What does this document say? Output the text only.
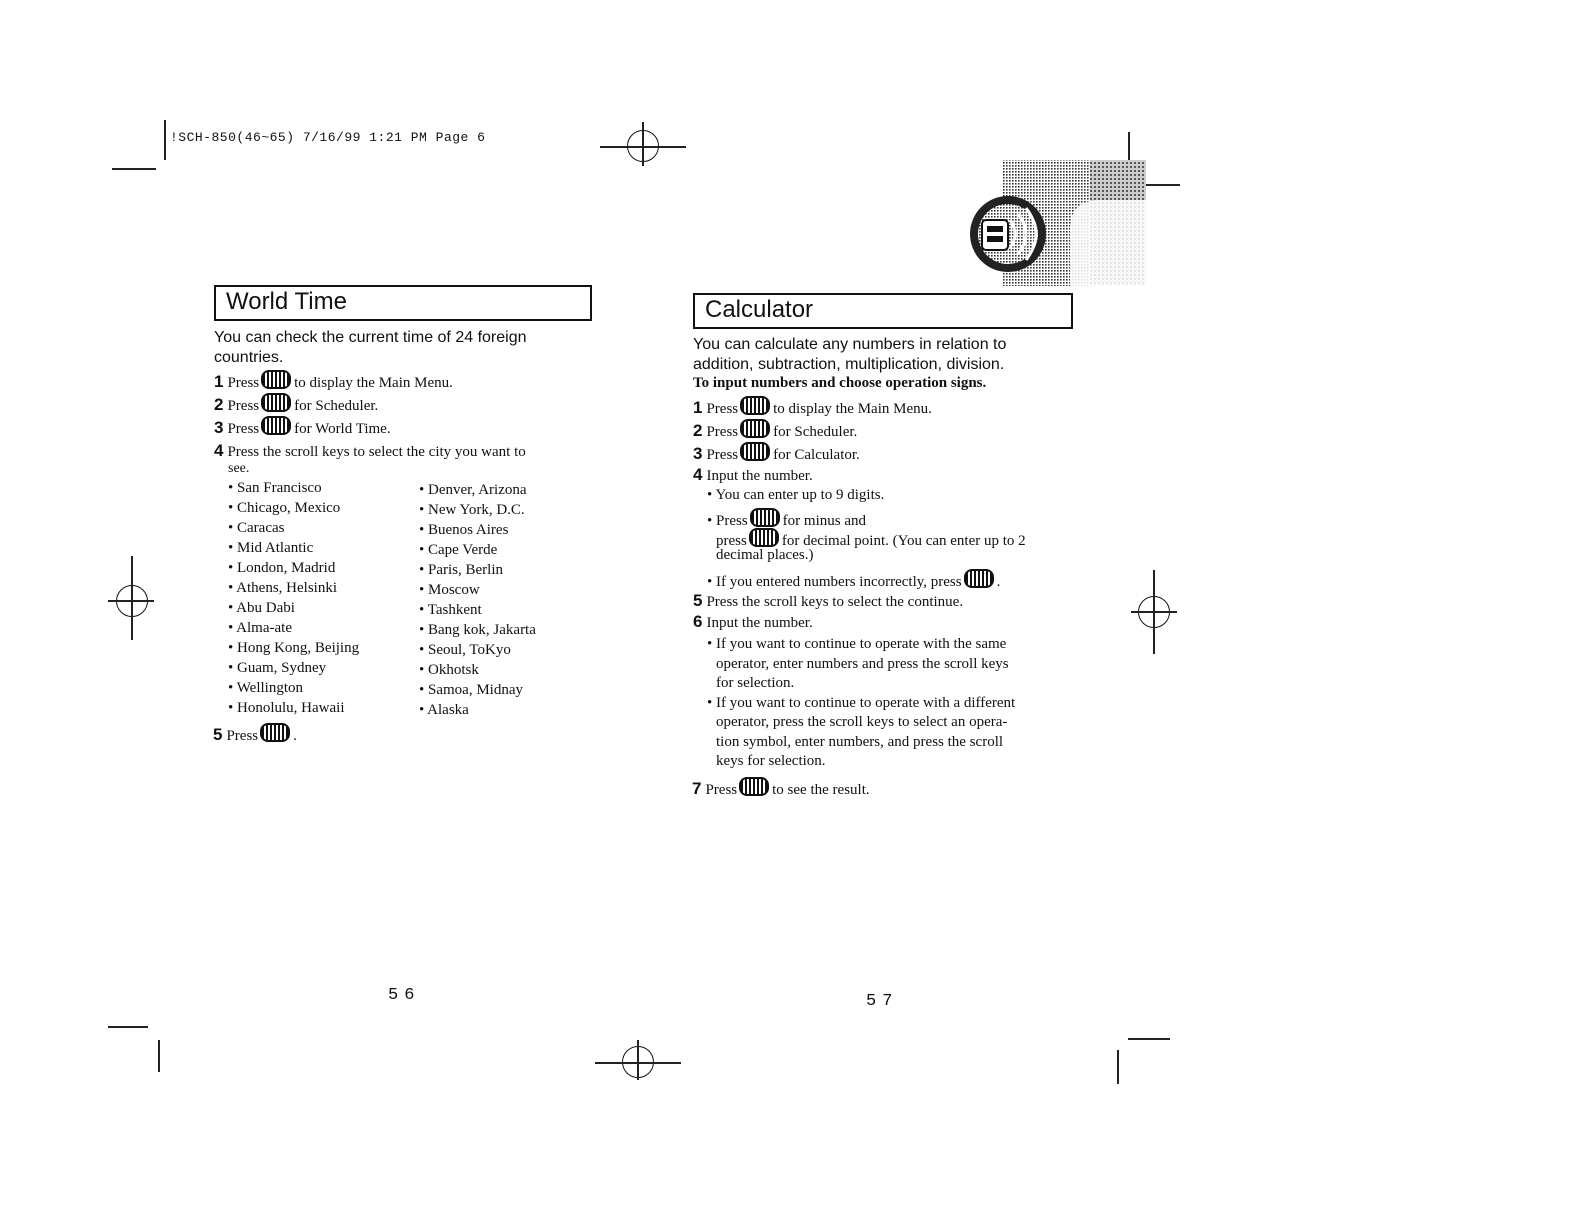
!SCH-850(46~65) 7/16/99 1:21 PM Page 6
World Time
You can check the current time of 24 foreign
countries.
1 Press to display the Main Menu.
2 Press for Scheduler.
3 Press for World Time.
4 Press the scroll keys to select the city you want to
see.
• San Francisco
• Chicago, Mexico
• Caracas
• Mid Atlantic
• London, Madrid
• Athens, Helsinki
• Abu Dabi
• Alma-ate
• Hong Kong, Beijing
• Guam, Sydney
• Wellington
• Honolulu, Hawaii
• Denver, Arizona
• New York, D.C.
• Buenos Aires
• Cape Verde
• Paris, Berlin
• Moscow
• Tashkent
• Bang kok, Jakarta
• Seoul, ToKyo
• Okhotsk
• Samoa, Midnay
• Alaska
5 Press .
56
Calculator
You can calculate any numbers in relation to
addition, subtraction, multiplication, division.
To input numbers and choose operation signs.
1 Press to display the Main Menu.
2 Press for Scheduler.
3 Press for Calculator.
4 Input the number.
• You can enter up to 9 digits.
• Press for minus and
press for decimal point. (You can enter up to 2
decimal places.)
• If you entered numbers incorrectly, press .
5 Press the scroll keys to select the continue.
6 Input the number.
• If you want to continue to operate with the same
operator, enter numbers and press the scroll keys
for selection.
• If you want to continue to operate with a different
operator, press the scroll keys to select an opera-
tion symbol, enter numbers, and press the scroll
keys for selection.
7 Press to see the result.
57
